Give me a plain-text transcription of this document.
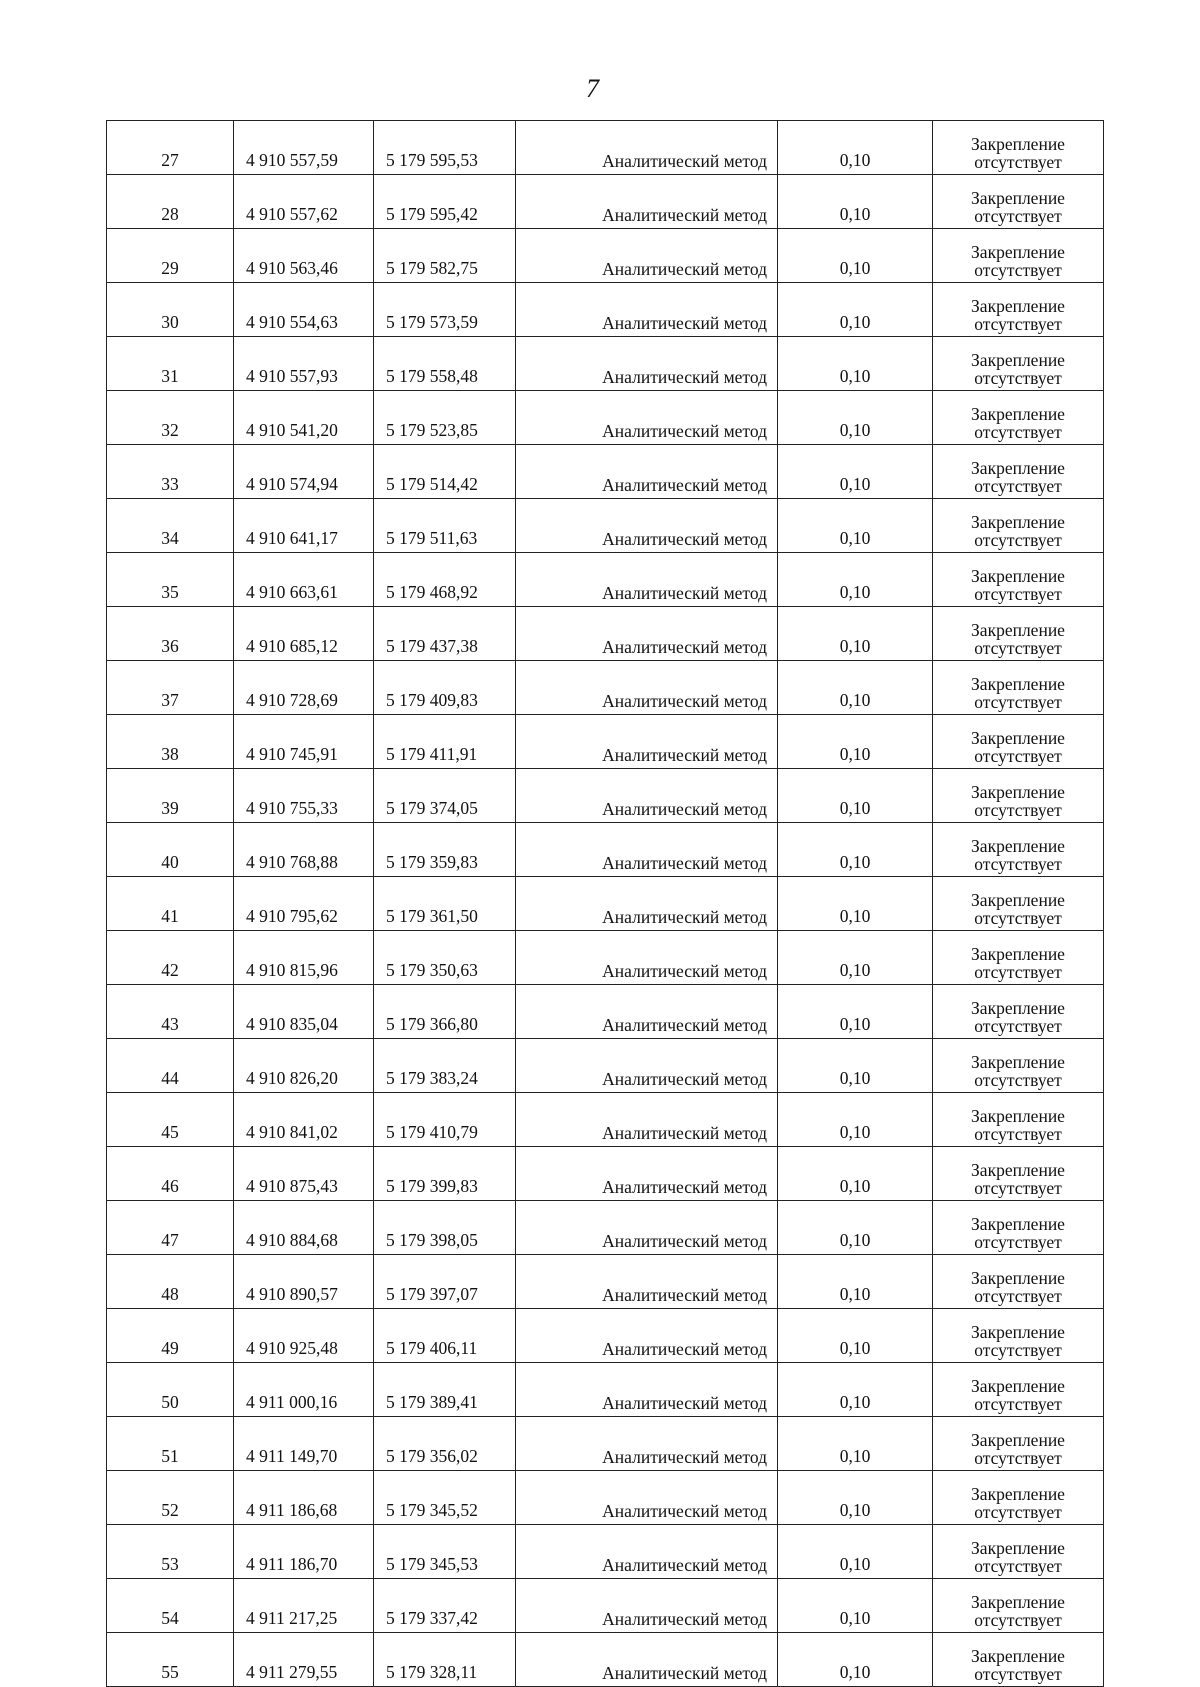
7
27	4 910 557,59	5 179 595,53	Аналитический метод	0,10	Закрепление
отсутствует

28	4 910 557,62	5 179 595,42	Аналитический метод	0,10	Закрепление
отсутствует

29	4 910 563,46	5 179 582,75	Аналитический метод	0,10	Закрепление
отсутствует

30	4 910 554,63	5 179 573,59	Аналитический метод	0,10	Закрепление
отсутствует

31	4 910 557,93	5 179 558,48	Аналитический метод	0,10	Закрепление
отсутствует

32	4 910 541,20	5 179 523,85	Аналитический метод	0,10	Закрепление
отсутствует

33	4 910 574,94	5 179 514,42	Аналитический метод	0,10	Закрепление
отсутствует

34	4 910 641,17	5 179 511,63	Аналитический метод	0,10	Закрепление
отсутствует

35	4 910 663,61	5 179 468,92	Аналитический метод	0,10	Закрепление
отсутствует

36	4 910 685,12	5 179 437,38	Аналитический метод	0,10	Закрепление
отсутствует

37	4 910 728,69	5 179 409,83	Аналитический метод	0,10	Закрепление
отсутствует

38	4 910 745,91	5 179 411,91	Аналитический метод	0,10	Закрепление
отсутствует

39	4 910 755,33	5 179 374,05	Аналитический метод	0,10	Закрепление
отсутствует

40	4 910 768,88	5 179 359,83	Аналитический метод	0,10	Закрепление
отсутствует

41	4 910 795,62	5 179 361,50	Аналитический метод	0,10	Закрепление
отсутствует

42	4 910 815,96	5 179 350,63	Аналитический метод	0,10	Закрепление
отсутствует

43	4 910 835,04	5 179 366,80	Аналитический метод	0,10	Закрепление
отсутствует

44	4 910 826,20	5 179 383,24	Аналитический метод	0,10	Закрепление
отсутствует

45	4 910 841,02	5 179 410,79	Аналитический метод	0,10	Закрепление
отсутствует

46	4 910 875,43	5 179 399,83	Аналитический метод	0,10	Закрепление
отсутствует

47	4 910 884,68	5 179 398,05	Аналитический метод	0,10	Закрепление
отсутствует

48	4 910 890,57	5 179 397,07	Аналитический метод	0,10	Закрепление
отсутствует

49	4 910 925,48	5 179 406,11	Аналитический метод	0,10	Закрепление
отсутствует

50	4 911 000,16	5 179 389,41	Аналитический метод	0,10	Закрепление
отсутствует

51	4 911 149,70	5 179 356,02	Аналитический метод	0,10	Закрепление
отсутствует

52	4 911 186,68	5 179 345,52	Аналитический метод	0,10	Закрепление
отсутствует

53	4 911 186,70	5 179 345,53	Аналитический метод	0,10	Закрепление
отсутствует

54	4 911 217,25	5 179 337,42	Аналитический метод	0,10	Закрепление
отсутствует

55	4 911 279,55	5 179 328,11	Аналитический метод	0,10	Закрепление
отсутствует
